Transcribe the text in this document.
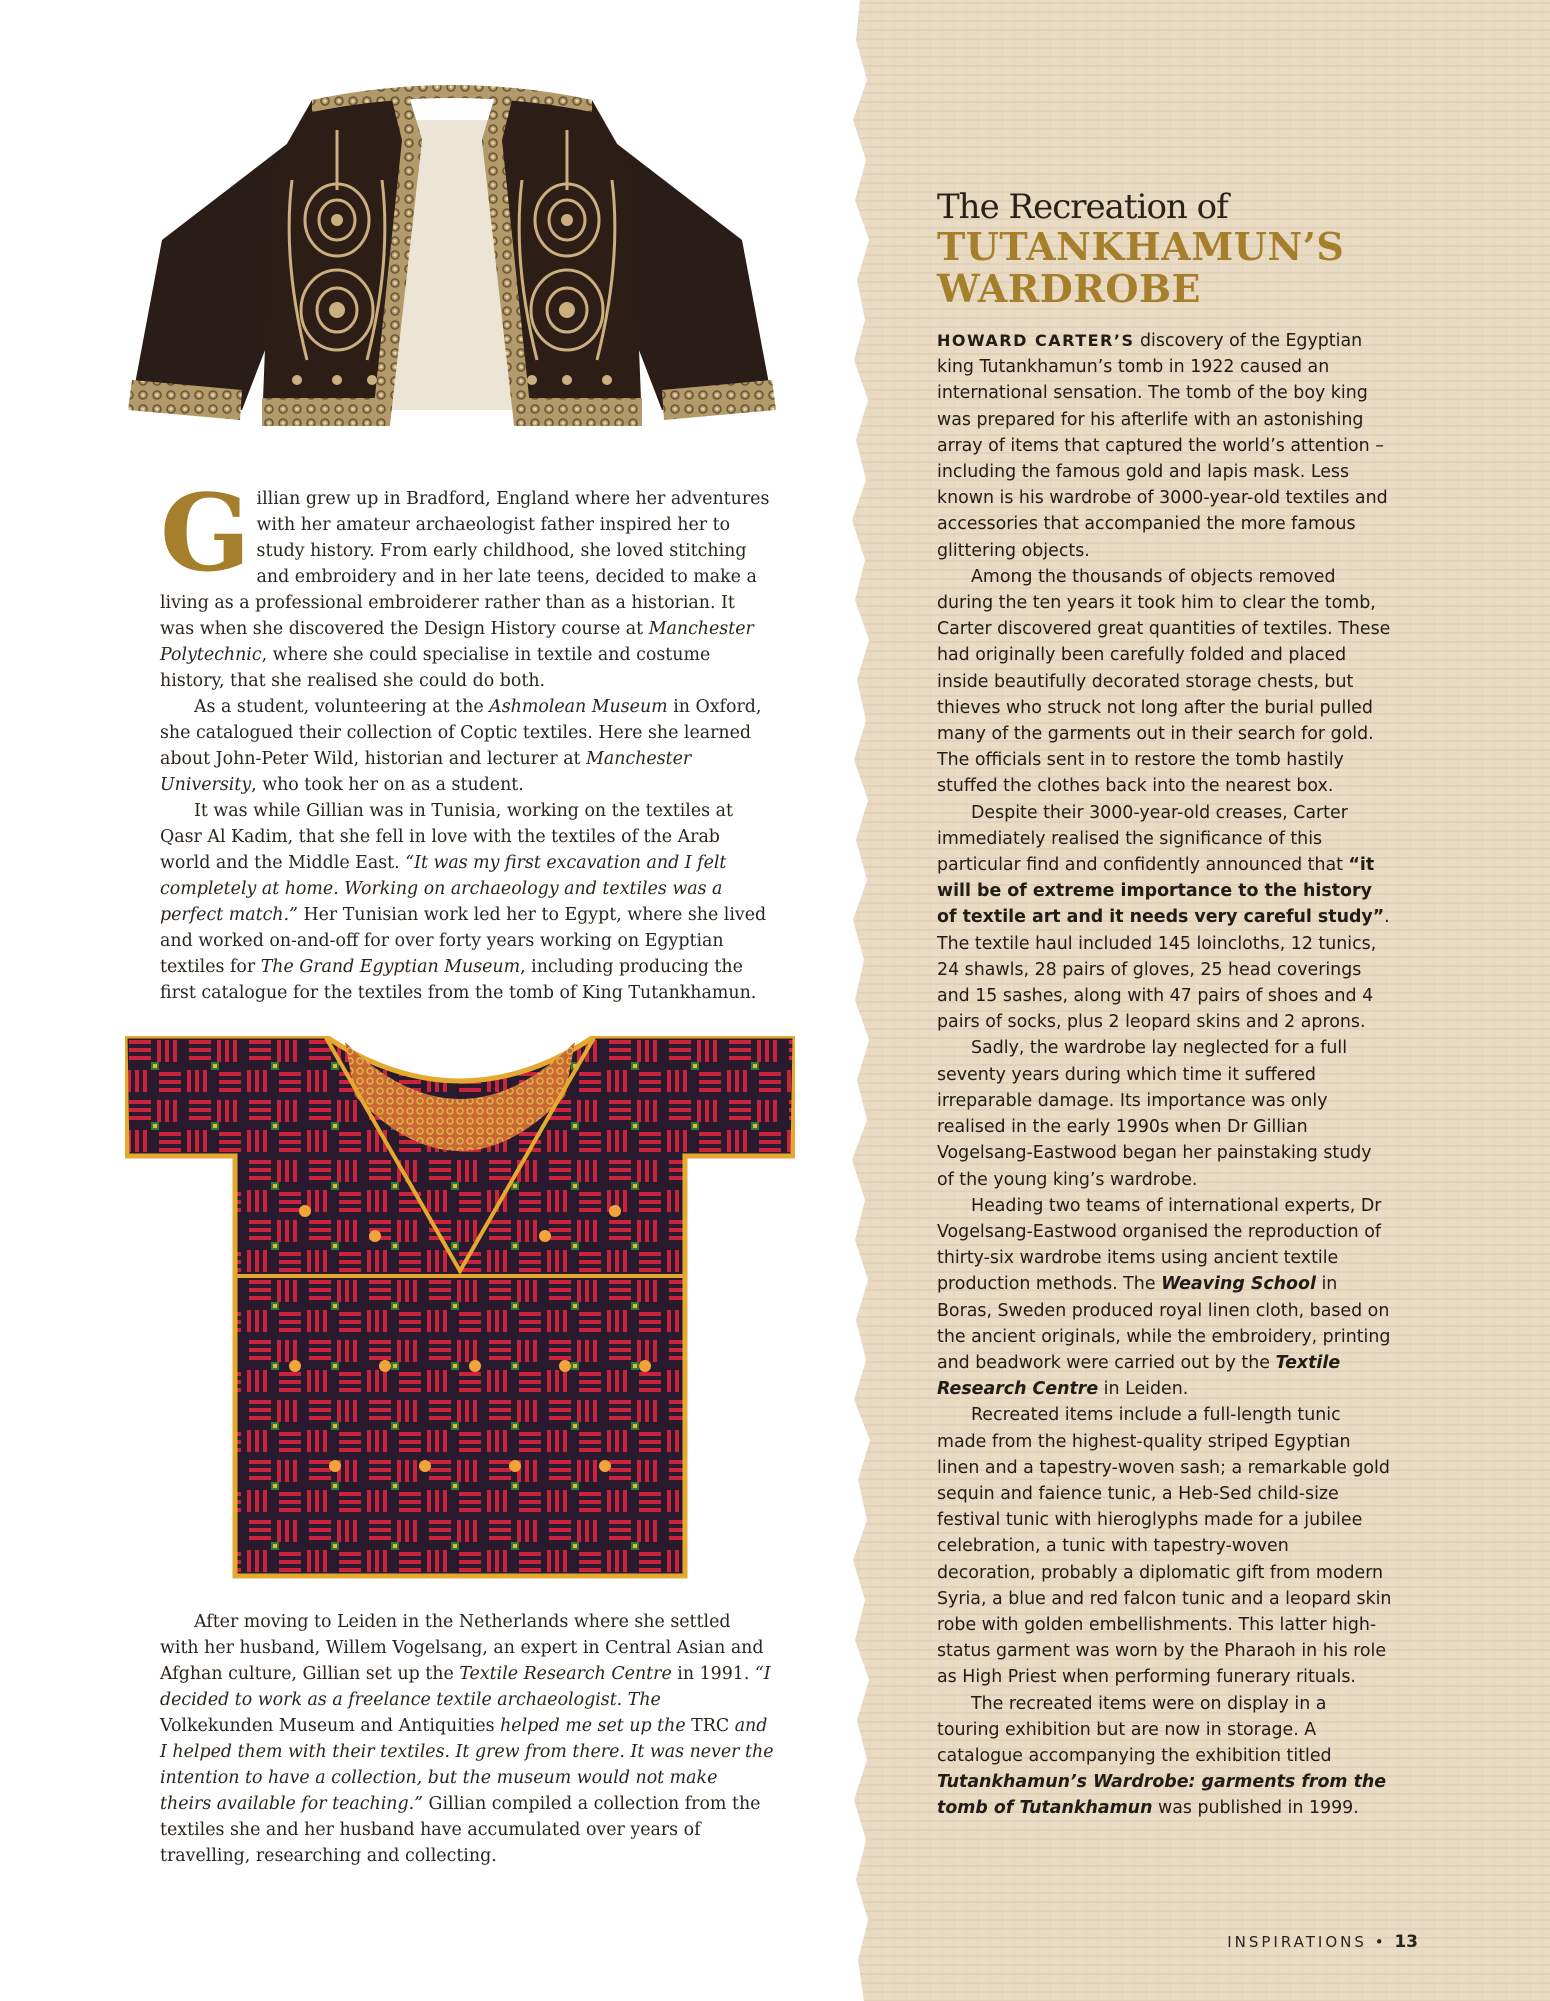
Gillian grew up in Bradford, England where her adventures with her amateur archaeologist father inspired her to study history. From early childhood, she loved stitching and embroidery and in her late teens, decided to make a living as a professional embroiderer rather than as a historian. It was when she discovered the Design History course at Manchester Polytechnic, where she could specialise in textile and costume history, that she realised she could do both.

As a student, volunteering at the Ashmolean Museum in Oxford, she catalogued their collection of Coptic textiles. Here she learned about John-Peter Wild, historian and lecturer at Manchester University, who took her on as a student.

It was while Gillian was in Tunisia, working on the textiles at Qasr Al Kadim, that she fell in love with the textiles of the Arab world and the Middle East. “It was my first excavation and I felt completely at home. Working on archaeology and textiles was a perfect match.” Her Tunisian work led her to Egypt, where she lived and worked on-and-off for over forty years working on Egyptian textiles for The Grand Egyptian Museum, including producing the first catalogue for the textiles from the tomb of King Tutankhamun.

After moving to Leiden in the Netherlands where she settled with her husband, Willem Vogelsang, an expert in Central Asian and Afghan culture, Gillian set up the Textile Research Centre in 1991. “I decided to work as a freelance textile archaeologist. The Volkekunden Museum and Antiquities helped me set up the TRC and I helped them with their textiles. It grew from there. It was never the intention to have a collection, but the museum would not make theirs available for teaching.” Gillian compiled a collection from the textiles she and her husband have accumulated over years of travelling, researching and collecting.

The Recreation of
TUTANKHAMUN’S
WARDROBE

HOWARD CARTER’S discovery of the Egyptian king Tutankhamun’s tomb in 1922 caused an international sensation. The tomb of the boy king was prepared for his afterlife with an astonishing array of items that captured the world’s attention – including the famous gold and lapis mask. Less known is his wardrobe of 3000-year-old textiles and accessories that accompanied the more famous glittering objects.

Among the thousands of objects removed during the ten years it took him to clear the tomb, Carter discovered great quantities of textiles. These had originally been carefully folded and placed inside beautifully decorated storage chests, but thieves who struck not long after the burial pulled many of the garments out in their search for gold. The officials sent in to restore the tomb hastily stuffed the clothes back into the nearest box.

Despite their 3000-year-old creases, Carter immediately realised the significance of this particular find and confidently announced that “it will be of extreme importance to the history of textile art and it needs very careful study”. The textile haul included 145 loincloths, 12 tunics, 24 shawls, 28 pairs of gloves, 25 head coverings and 15 sashes, along with 47 pairs of shoes and 4 pairs of socks, plus 2 leopard skins and 2 aprons.

Sadly, the wardrobe lay neglected for a full seventy years during which time it suffered irreparable damage. Its importance was only realised in the early 1990s when Dr Gillian Vogelsang-Eastwood began her painstaking study of the young king’s wardrobe.

Heading two teams of international experts, Dr Vogelsang-Eastwood organised the reproduction of thirty-six wardrobe items using ancient textile production methods. The Weaving School in Boras, Sweden produced royal linen cloth, based on the ancient originals, while the embroidery, printing and beadwork were carried out by the Textile Research Centre in Leiden.

Recreated items include a full-length tunic made from the highest-quality striped Egyptian linen and a tapestry-woven sash; a remarkable gold sequin and faience tunic, a Heb-Sed child-size festival tunic with hieroglyphs made for a jubilee celebration, a tunic with tapestry-woven decoration, probably a diplomatic gift from modern Syria, a blue and red falcon tunic and a leopard skin robe with golden embellishments. This latter high-status garment was worn by the Pharaoh in his role as High Priest when performing funerary rituals.

The recreated items were on display in a touring exhibition but are now in storage. A catalogue accompanying the exhibition titled Tutankhamun’s Wardrobe: garments from the tomb of Tutankhamun was published in 1999.

INSPIRATIONS • 13
